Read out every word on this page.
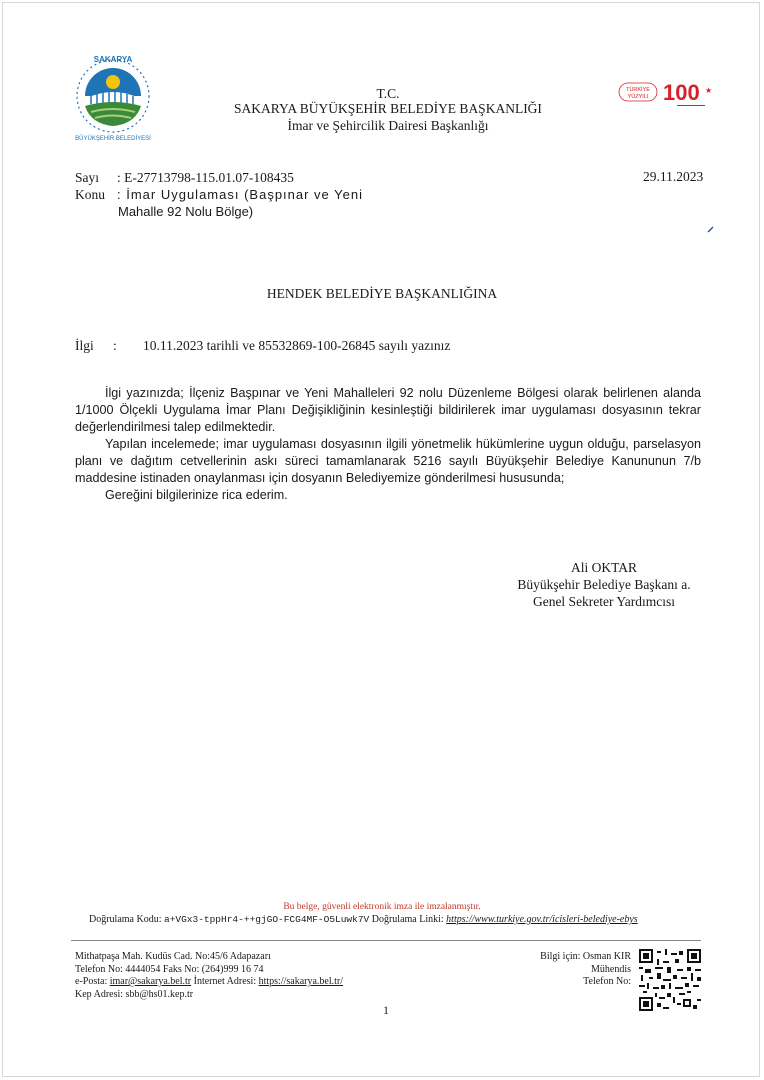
SAKARYA
BÜYÜKŞEHİR BELEDİYESİ
TÜRKİYE
YÜZYILI 100 ★
T.C.
SAKARYA BÜYÜKŞEHİR BELEDİYE BAŞKANLIĞI
İmar ve Şehircilik Dairesi Başkanlığı
Sayı : E-27713798-115.01.07-108435
Konu : İmar Uygulaması (Başpınar ve Yeni
Mahalle 92 Nolu Bölge)
29.11.2023
HENDEK BELEDİYE BAŞKANLIĞINA
İlgi : 10.11.2023 tarihli ve 85532869-100-26845 sayılı yazınız

İlgi yazınızda; İlçeniz Başpınar ve Yeni Mahalleleri 92 nolu Düzenleme Bölgesi olarak belirlenen alanda 1/1000 Ölçekli Uygulama İmar Planı Değişikliğinin kesinleştiği bildirilerek imar uygulaması dosyasının tekrar değerlendirilmesi talep edilmektedir.

Yapılan incelemede; imar uygulaması dosyasının ilgili yönetmelik hükümlerine uygun olduğu, parselasyon planı ve dağıtım cetvellerinin askı süreci tamamlanarak 5216 sayılı Büyükşehir Belediye Kanununun 7/b maddesine istinaden onaylanması için dosyanın Belediyemize gönderilmesi hususunda;

Gereğini bilgilerinize rica ederim.

Ali OKTAR
Büyükşehir Belediye Başkanı a.
Genel Sekreter Yardımcısı
Bu belge, güvenli elektronik imza ile imzalanmıştır.
Doğrulama Kodu: a+VGx3-tppHr4-++gjGO-FCG4MF-O5Luwk7V Doğrulama Linki: https://www.turkiye.gov.tr/icisleri-belediye-ebys
Mithatpaşa Mah. Kudüs Cad. No:45/6 Adapazarı
Telefon No: 4444054 Faks No: (264)999 16 74
e-Posta: imar@sakarya.bel.tr İnternet Adresi: https://sakarya.bel.tr/
Kep Adresi: sbb@hs01.kep.tr
Bilgi için: Osman KIR
Mühendis
Telefon No:
1
